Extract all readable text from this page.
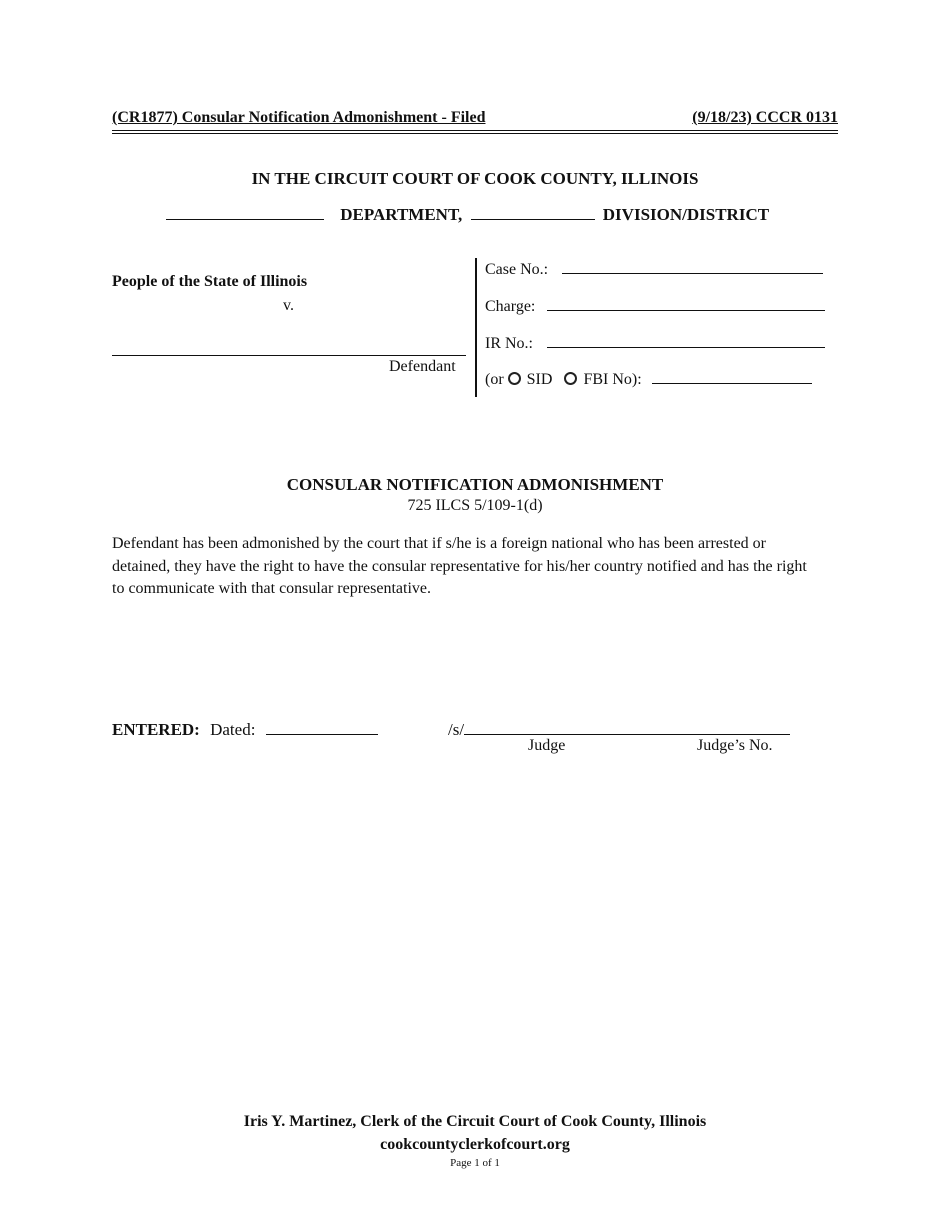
(CR1877) Consular Notification Admonishment - Filed	(9/18/23) CCCR 0131
IN THE CIRCUIT COURT OF COOK COUNTY, ILLINOIS
DEPARTMENT,	DIVISION/DISTRICT
People of the State of Illinois
v.
Defendant
Case No.:
Charge:
IR No.:
(or SID FBI No):
CONSULAR NOTIFICATION ADMONISHMENT
725 ILCS 5/109-1(d)
Defendant has been admonished by the court that if s/he is a foreign national who has been arrested or detained, they have the right to have the consular representative for his/her country notified and has the right to communicate with that consular representative.
ENTERED: Dated:	/s/
Judge	Judge’s No.
Iris Y. Martinez, Clerk of the Circuit Court of Cook County, Illinois
cookcountyclerkofcourt.org
Page 1 of 1
